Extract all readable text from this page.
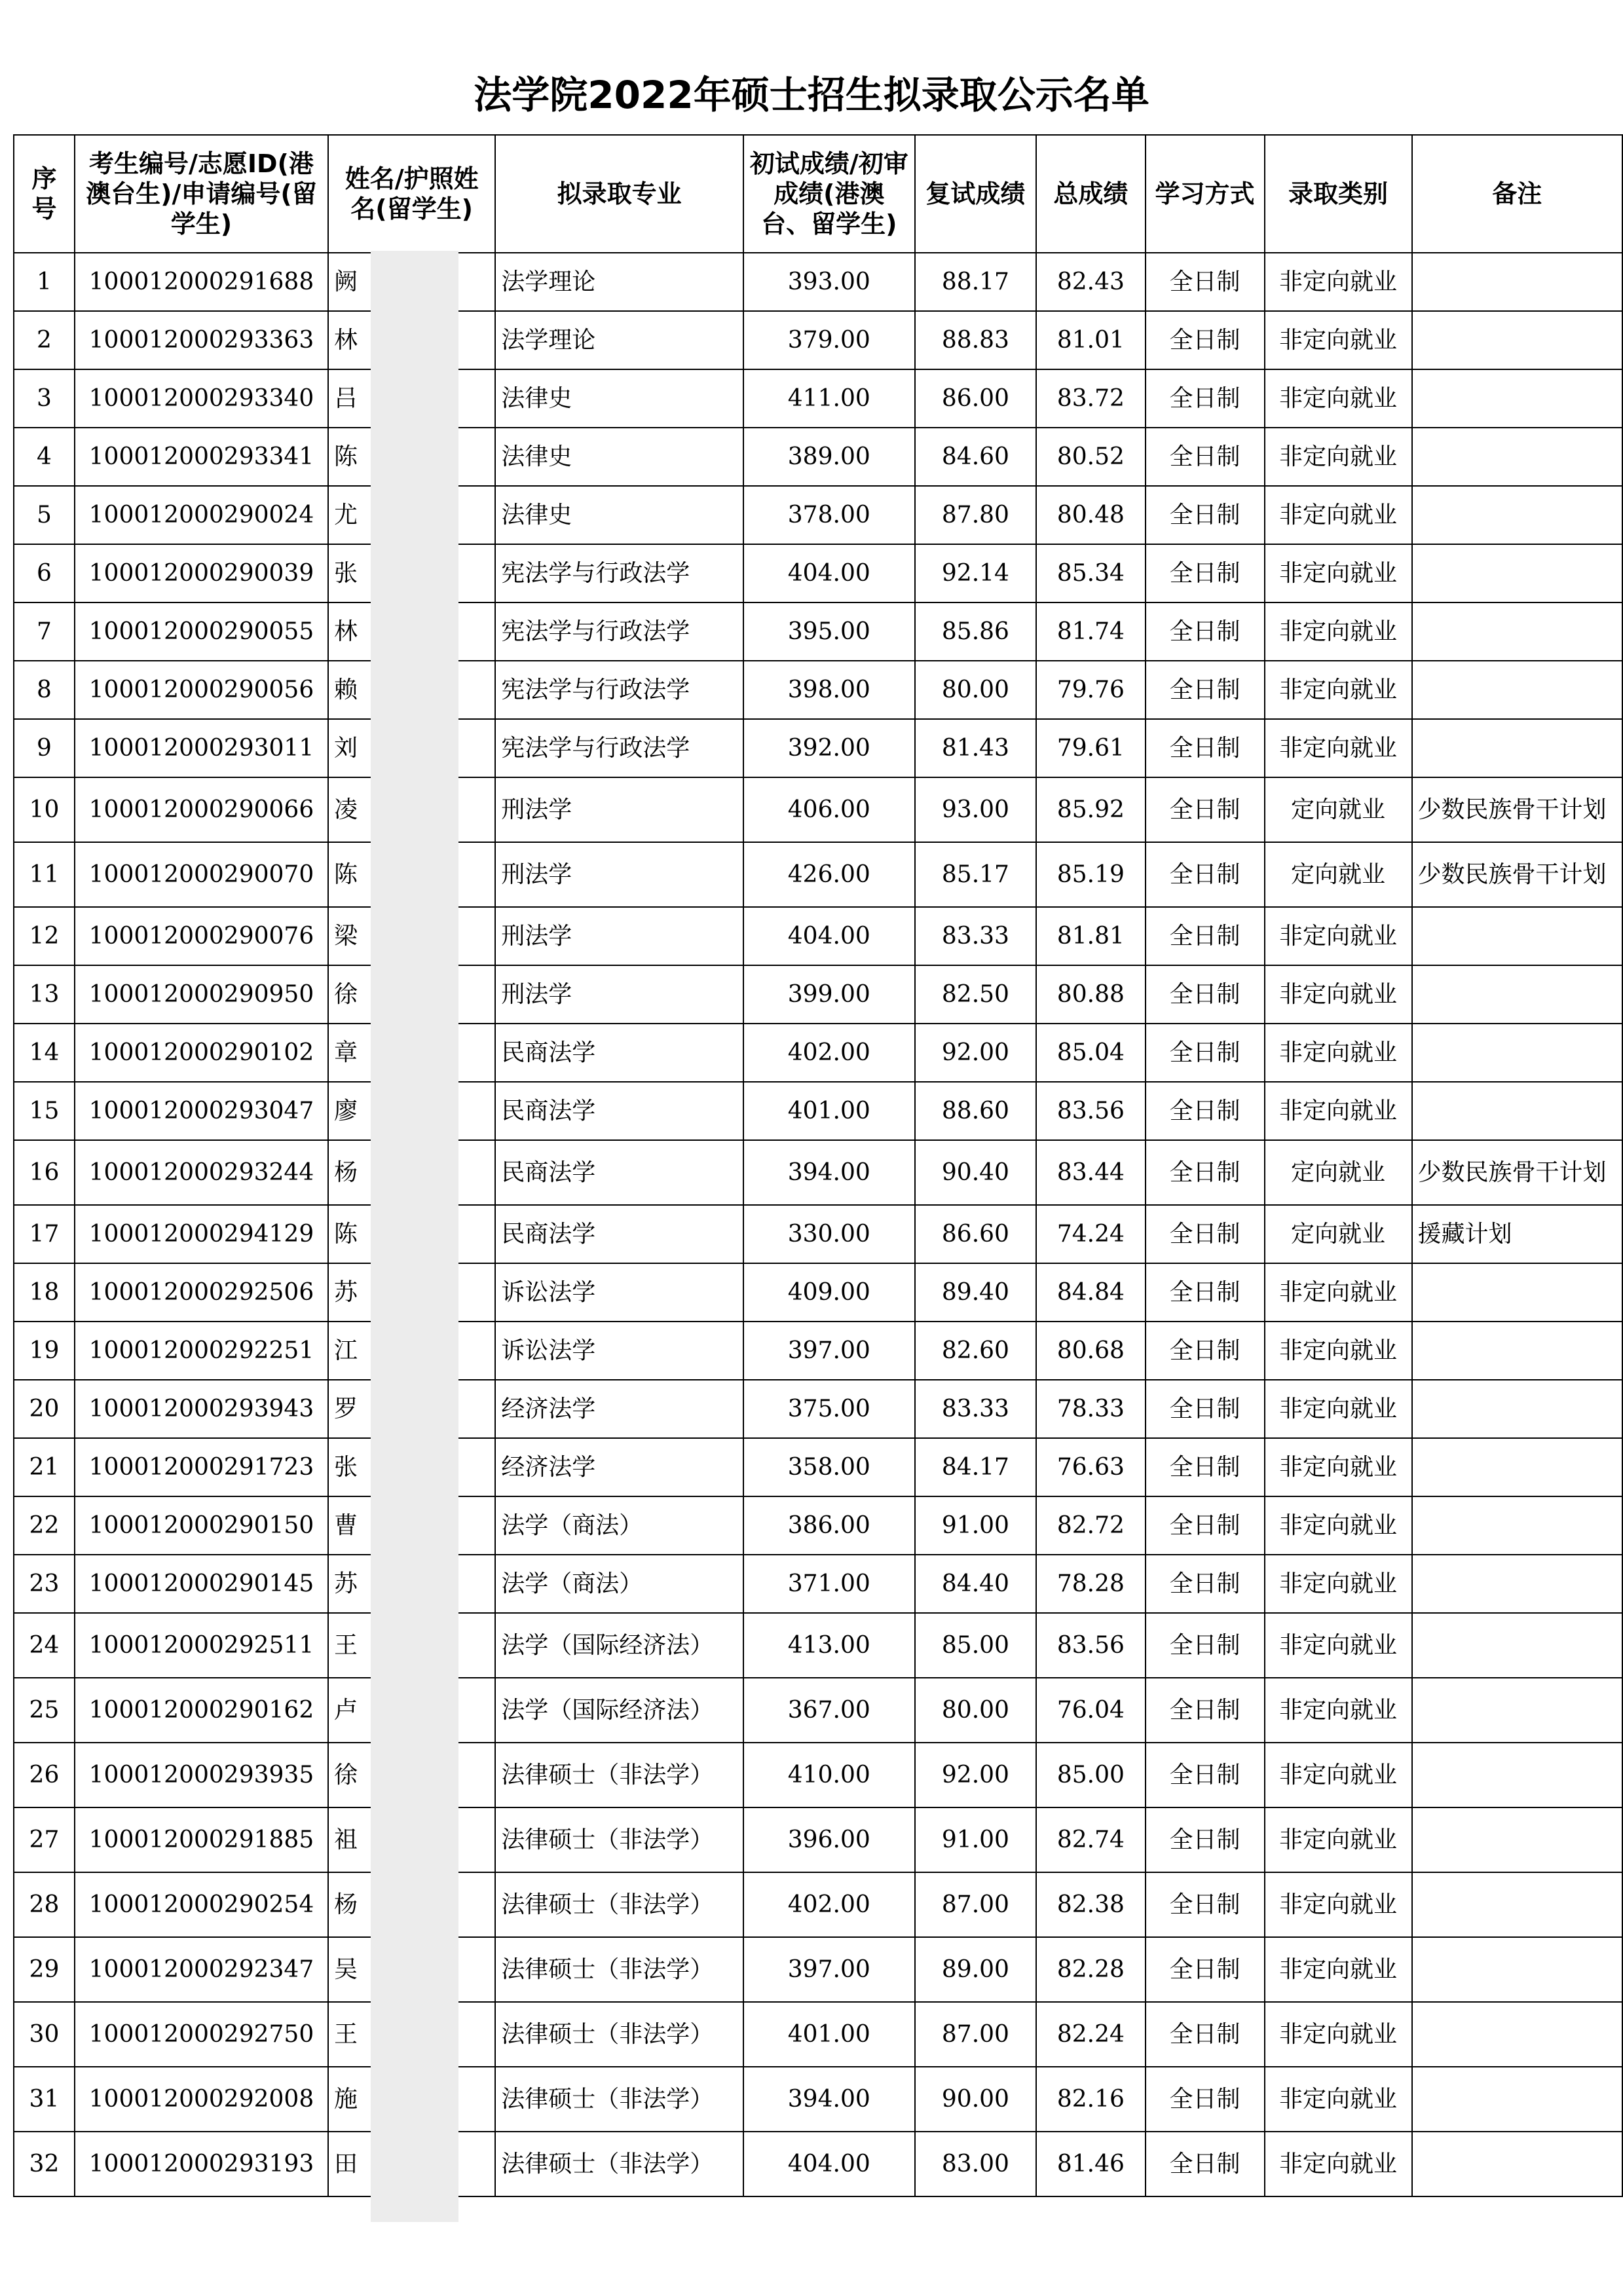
法学院2022年硕士招生拟录取公示名单
序号	考生编号/志愿ID(港澳台生)/申请编号(留学生)	姓名/护照姓名(留学生)	拟录取专业	初试成绩/初审成绩(港澳台、留学生)	复试成绩	总成绩	学习方式	录取类别	备注
1	100012000291688	阙	法学理论	393.00	88.17	82.43	全日制	非定向就业	
2	100012000293363	林	法学理论	379.00	88.83	81.01	全日制	非定向就业	
3	100012000293340	吕	法律史	411.00	86.00	83.72	全日制	非定向就业	
4	100012000293341	陈	法律史	389.00	84.60	80.52	全日制	非定向就业	
5	100012000290024	尤	法律史	378.00	87.80	80.48	全日制	非定向就业	
6	100012000290039	张	宪法学与行政法学	404.00	92.14	85.34	全日制	非定向就业	
7	100012000290055	林	宪法学与行政法学	395.00	85.86	81.74	全日制	非定向就业	
8	100012000290056	赖	宪法学与行政法学	398.00	80.00	79.76	全日制	非定向就业	
9	100012000293011	刘	宪法学与行政法学	392.00	81.43	79.61	全日制	非定向就业	
10	100012000290066	凌	刑法学	406.00	93.00	85.92	全日制	定向就业	少数民族骨干计划
11	100012000290070	陈	刑法学	426.00	85.17	85.19	全日制	定向就业	少数民族骨干计划
12	100012000290076	梁	刑法学	404.00	83.33	81.81	全日制	非定向就业	
13	100012000290950	徐	刑法学	399.00	82.50	80.88	全日制	非定向就业	
14	100012000290102	章	民商法学	402.00	92.00	85.04	全日制	非定向就业	
15	100012000293047	廖	民商法学	401.00	88.60	83.56	全日制	非定向就业	
16	100012000293244	杨	民商法学	394.00	90.40	83.44	全日制	定向就业	少数民族骨干计划
17	100012000294129	陈	民商法学	330.00	86.60	74.24	全日制	定向就业	援藏计划
18	100012000292506	苏	诉讼法学	409.00	89.40	84.84	全日制	非定向就业	
19	100012000292251	江	诉讼法学	397.00	82.60	80.68	全日制	非定向就业	
20	100012000293943	罗	经济法学	375.00	83.33	78.33	全日制	非定向就业	
21	100012000291723	张	经济法学	358.00	84.17	76.63	全日制	非定向就业	
22	100012000290150	曹	法学（商法）	386.00	91.00	82.72	全日制	非定向就业	
23	100012000290145	苏	法学（商法）	371.00	84.40	78.28	全日制	非定向就业	
24	100012000292511	王	法学（国际经济法）	413.00	85.00	83.56	全日制	非定向就业	
25	100012000290162	卢	法学（国际经济法）	367.00	80.00	76.04	全日制	非定向就业	
26	100012000293935	徐	法律硕士（非法学）	410.00	92.00	85.00	全日制	非定向就业	
27	100012000291885	祖	法律硕士（非法学）	396.00	91.00	82.74	全日制	非定向就业	
28	100012000290254	杨	法律硕士（非法学）	402.00	87.00	82.38	全日制	非定向就业	
29	100012000292347	吴	法律硕士（非法学）	397.00	89.00	82.28	全日制	非定向就业	
30	100012000292750	王	法律硕士（非法学）	401.00	87.00	82.24	全日制	非定向就业	
31	100012000292008	施	法律硕士（非法学）	394.00	90.00	82.16	全日制	非定向就业	
32	100012000293193	田	法律硕士（非法学）	404.00	83.00	81.46	全日制	非定向就业	
